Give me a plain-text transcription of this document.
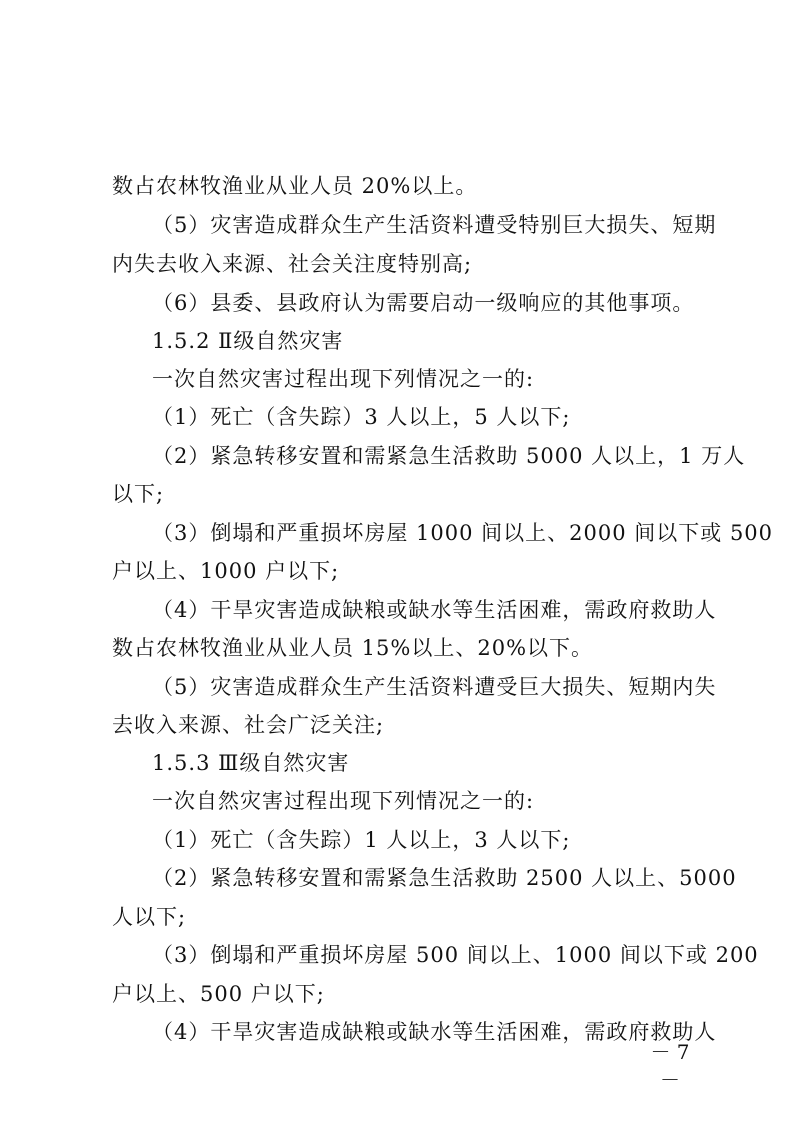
数占农林牧渔业从业人员 20%以上。
（5）灾害造成群众生产生活资料遭受特别巨大损失、短期
内失去收入来源、社会关注度特别高;
（6）县委、县政府认为需要启动一级响应的其他事项。
1.5.2 Ⅱ级自然灾害
一次自然灾害过程出现下列情况之一的:
（1）死亡（含失踪）3 人以上，5 人以下;
（2）紧急转移安置和需紧急生活救助 5000 人以上，1 万人
以下;
（3）倒塌和严重损坏房屋 1000 间以上、2000 间以下或 500
户以上、1000 户以下;
（4）干旱灾害造成缺粮或缺水等生活困难，需政府救助人
数占农林牧渔业从业人员 15%以上、20%以下。
（5）灾害造成群众生产生活资料遭受巨大损失、短期内失
去收入来源、社会广泛关注;
1.5.3 Ⅲ级自然灾害
一次自然灾害过程出现下列情况之一的:
（1）死亡（含失踪）1 人以上，3 人以下;
（2）紧急转移安置和需紧急生活救助 2500 人以上、5000
人以下;
（3）倒塌和严重损坏房屋 500 间以上、1000 间以下或 200
户以上、500 户以下;
（4）干旱灾害造成缺粮或缺水等生活困难，需政府救助人
－ 7 －
